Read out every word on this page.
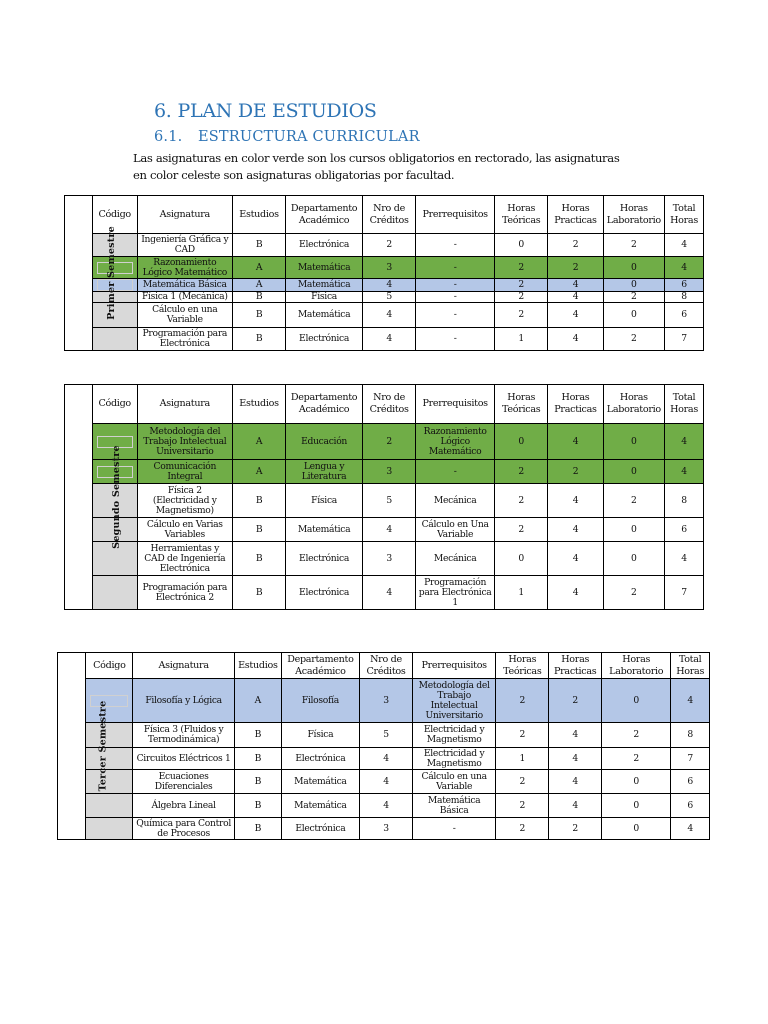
6. PLAN DE ESTUDIOS
6.1. ESTRUCTURA CURRICULAR
Las asignaturas en color verde son los cursos obligatorios en rectorado, las asignaturas en color celeste son asignaturas obligatorias por facultad.
Primer Semestre	Código	Asignatura	Estudios	Departamento Académico	Nro de Créditos	Prerrequisitos	Horas Teóricas	Horas Practicas	Horas Laboratorio	Total Horas

		Ingeniería Gráfica y CAD	B	Electrónica	2	-	0	2	2	4

		Razonamiento Lógico Matemático	A	Matemática	3	-	2	2	0	4

		Matemática Básica	A	Matemática	4	-	2	4	0	6

		Física 1 (Mecánica)	B	Física	5	-	2	4	2	8

		Cálculo en una Variable	B	Matemática	4	-	2	4	0	6

		Programación para Electrónica	B	Electrónica	4	-	1	4	2	7
Segundo Semestre	Código	Asignatura	Estudios	Departamento Académico	Nro de Créditos	Prerrequisitos	Horas Teóricas	Horas Practicas	Horas Laboratorio	Total Horas

		Metodología del Trabajo Intelectual Universitario	A	Educación	2	Razonamiento Lógico Matemático	0	4	0	4

		Comunicación Integral	A	Lengua y Literatura	3	-	2	2	0	4

		Física 2 (Electricidad y Magnetismo)	B	Física	5	Mecánica	2	4	2	8

		Cálculo en Varias Variables	B	Matemática	4	Cálculo en Una Variable	2	4	0	6

		Herramientas y CAD de Ingeniería Electrónica	B	Electrónica	3	Mecánica	0	4	0	4

		Programación para Electrónica 2	B	Electrónica	4	Programación para Electrónica 1	1	4	2	7
Tercer Semestre	Código	Asignatura	Estudios	Departamento Académico	Nro de Créditos	Prerrequisitos	Horas Teóricas	Horas Practicas	Horas Laboratorio	Total Horas

		Filosofía y Lógica	A	Filosofía	3	Metodología del Trabajo Intelectual Universitario	2	2	0	4

		Física 3 (Fluidos y Termodinámica)	B	Física	5	Electricidad y Magnetismo	2	4	2	8

		Circuitos Eléctricos 1	B	Electrónica	4	Electricidad y Magnetismo	1	4	2	7

		Ecuaciones Diferenciales	B	Matemática	4	Cálculo en una Variable	2	4	0	6

		Álgebra Lineal	B	Matemática	4	Matemática Básica	2	4	0	6

		Química para Control de Procesos	B	Electrónica	3	-	2	2	0	4
